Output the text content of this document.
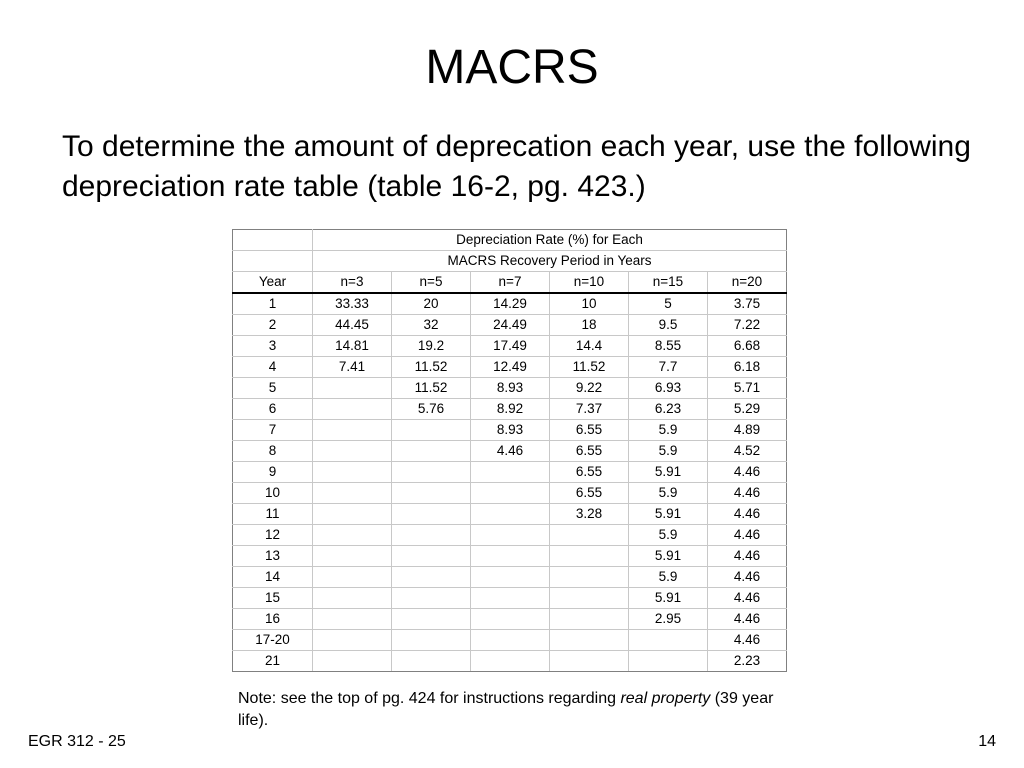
MACRS
To determine the amount of deprecation each year, use the following depreciation rate table (table 16-2, pg. 423.)
	Depreciation Rate (%) for Each					
	MACRS Recovery Period in Years					
Year	n=3	n=5	n=7	n=10	n=15	n=20
1	33.33	20	14.29	10	5	3.75
2	44.45	32	24.49	18	9.5	7.22
3	14.81	19.2	17.49	14.4	8.55	6.68
4	7.41	11.52	12.49	11.52	7.7	6.18
5		11.52	8.93	9.22	6.93	5.71
6		5.76	8.92	7.37	6.23	5.29
7			8.93	6.55	5.9	4.89
8			4.46	6.55	5.9	4.52
9				6.55	5.91	4.46
10				6.55	5.9	4.46
11				3.28	5.91	4.46
12					5.9	4.46
13					5.91	4.46
14					5.9	4.46
15					5.91	4.46
16					2.95	4.46
17-20						4.46
21						2.23
Note: see the top of pg. 424 for instructions regarding real property (39 year life).
EGR 312 - 25	14
